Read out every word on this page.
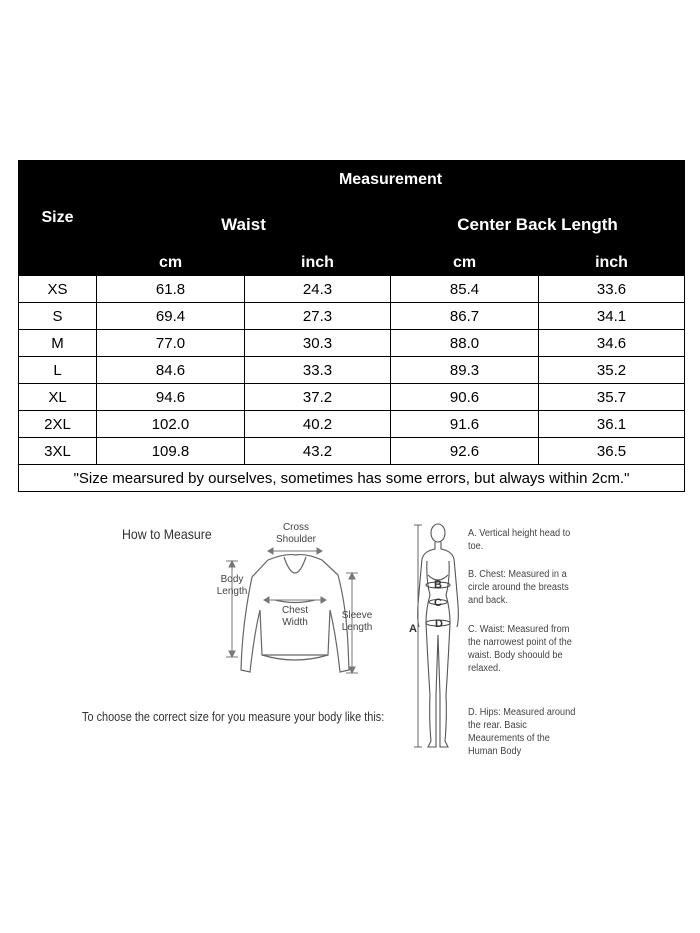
Size	Measurement			
	Waist		Center Back Length	
	cm	inch	cm	inch
XS	61.8	24.3	85.4	33.6
S	69.4	27.3	86.7	34.1
M	77.0	30.3	88.0	34.6
L	84.6	33.3	89.3	35.2
XL	94.6	37.2	90.6	35.7
2XL	102.0	40.2	91.6	36.1
3XL	109.8	43.2	92.6	36.5
"Size mearsured by ourselves, sometimes has some errors, but always within 2cm."				
How to Measure	Cross Shoulder
Body Length
Chest Width
Sleeve Length
To choose the correct size for you measure your body like this:
A
B
C
D
A. Vertical height head to toe.
B. Chest: Measured in a circle around the breasts and back.
C. Waist: Measured from the narrowest point of the waist. Body shoould be relaxed.
D. Hips: Measured around the rear. Basic Meaurements of the Human Body
